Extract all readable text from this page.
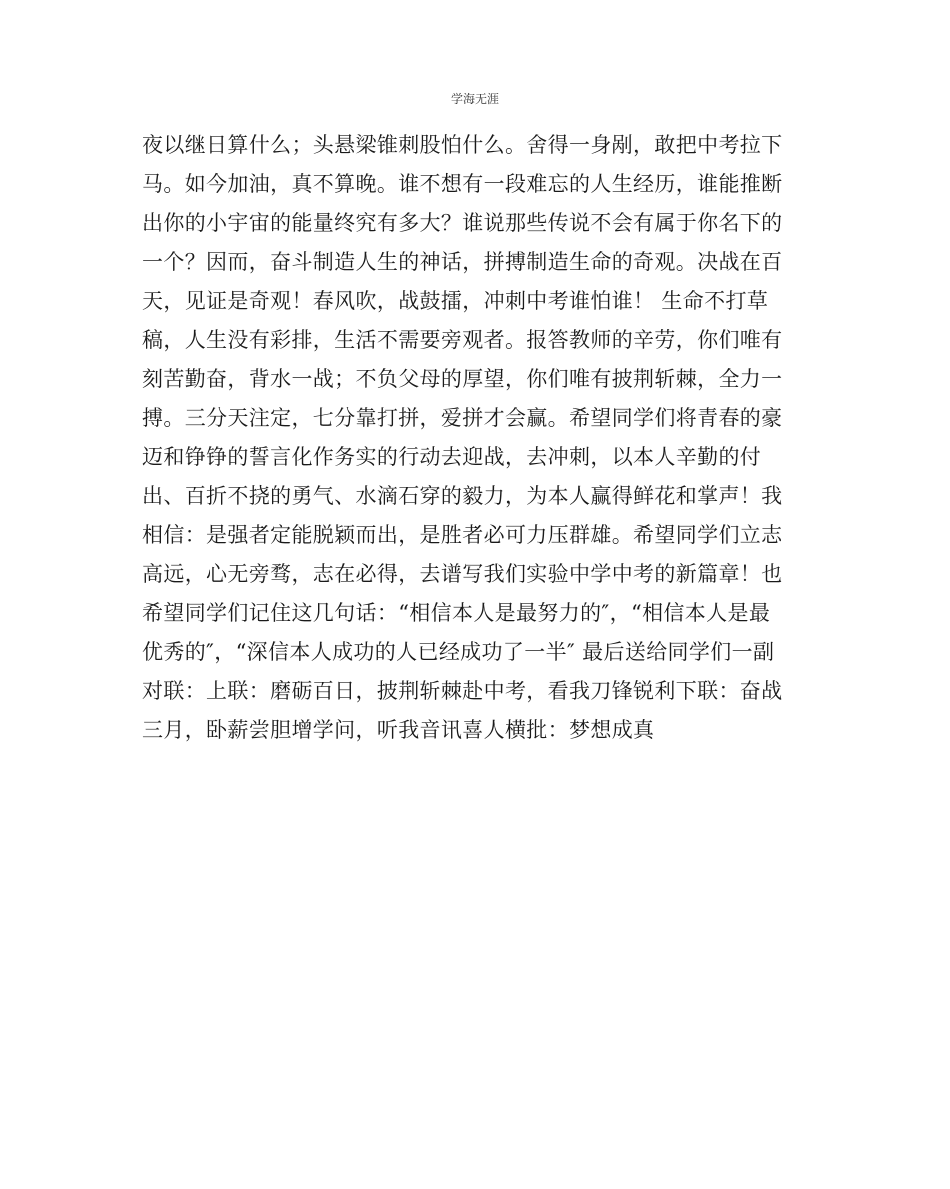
学海无涯
夜以继日算什么；头悬梁锥刺股怕什么。舍得一身剐，敢把中考拉下
马。如今加油，真不算晚。谁不想有一段难忘的人生经历，谁能推断
出你的小宇宙的能量终究有多大？谁说那些传说不会有属于你名下的
一个？因而，奋斗制造人生的神话，拼搏制造生命的奇观。决战在百
天，见证是奇观！春风吹，战鼓擂，冲刺中考谁怕谁！ 生命不打草
稿，人生没有彩排，生活不需要旁观者。报答教师的辛劳，你们唯有
刻苦勤奋，背水一战；不负父母的厚望，你们唯有披荆斩棘，全力一
搏。三分天注定，七分靠打拼，爱拼才会赢。希望同学们将青春的豪
迈和铮铮的誓言化作务实的行动去迎战，去冲刺，以本人辛勤的付
出、百折不挠的勇气、水滴石穿的毅力，为本人赢得鲜花和掌声！我
相信：是强者定能脱颖而出，是胜者必可力压群雄。希望同学们立志
高远，心无旁骛，志在必得，去谱写我们实验中学中考的新篇章！也
希望同学们记住这几句话：“相信本人是最努力的″，“相信本人是最
优秀的″，“深信本人成功的人已经成功了一半″ 最后送给同学们一副
对联：上联：磨砺百日，披荆斩棘赴中考，看我刀锋锐利下联：奋战
三月，卧薪尝胆增学问，听我音讯喜人横批：梦想成真
